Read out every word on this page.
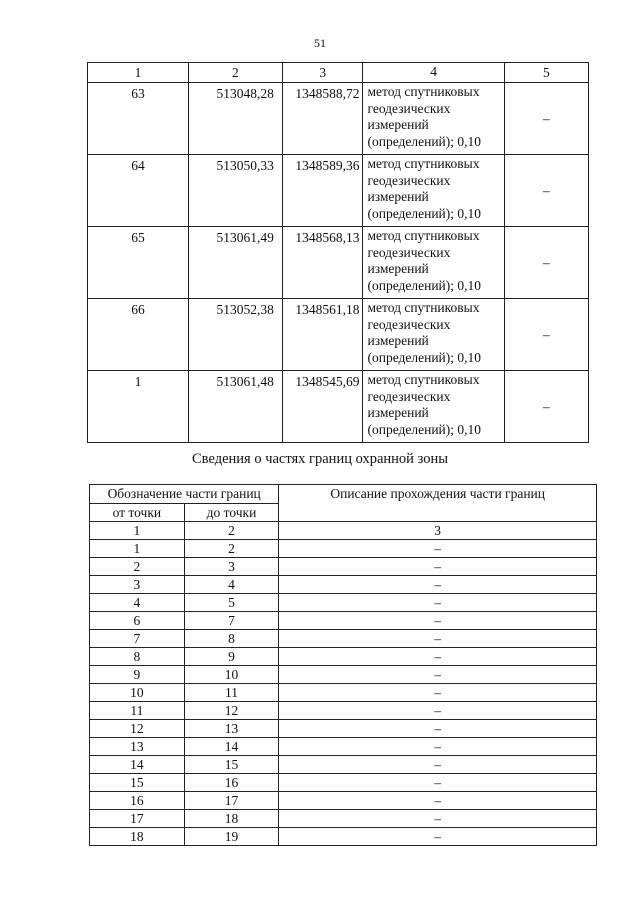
51
1	2	3	4	5
63	513048,28	1348588,72	метод спутниковых
геодезических
измерений
(определений); 0,10	–
64	513050,33	1348589,36	метод спутниковых
геодезических
измерений
(определений); 0,10	–
65	513061,49	1348568,13	метод спутниковых
геодезических
измерений
(определений); 0,10	–
66	513052,38	1348561,18	метод спутниковых
геодезических
измерений
(определений); 0,10	–
1	513061,48	1348545,69	метод спутниковых
геодезических
измерений
(определений); 0,10	–
Сведения о частях границ охранной зоны
Обозначение части границ		Описание прохождения части границ
от точки	до точки	
1	2	3
1	2	–
2	3	–
3	4	–
4	5	–
6	7	–
7	8	–
8	9	–
9	10	–
10	11	–
11	12	–
12	13	–
13	14	–
14	15	–
15	16	–
16	17	–
17	18	–
18	19	–
